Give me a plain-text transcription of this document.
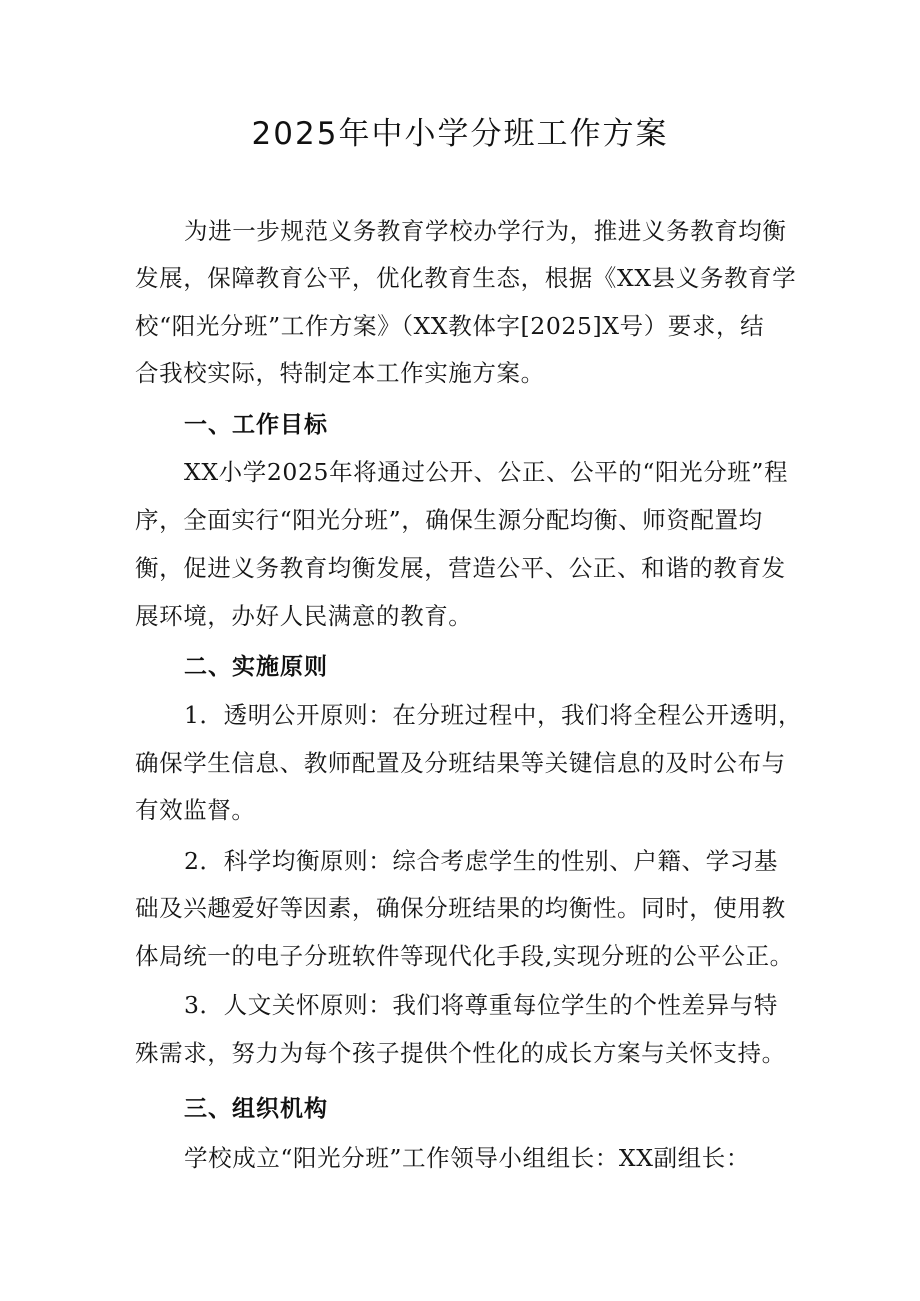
2025年中小学分班工作方案
为进一步规范义务教育学校办学行为，推进义务教育均衡
发展，保障教育公平，优化教育生态，根据《XX县义务教育学
校“阳光分班”工作方案》（XX教体字[2025]X号）要求，结
合我校实际，特制定本工作实施方案。
一、工作目标
XX小学2025年将通过公开、公正、公平的“阳光分班”程
序，全面实行“阳光分班”，确保生源分配均衡、师资配置均
衡，促进义务教育均衡发展，营造公平、公正、和谐的教育发
展环境，办好人民满意的教育。
二、实施原则
1．透明公开原则：在分班过程中，我们将全程公开透明，
确保学生信息、教师配置及分班结果等关键信息的及时公布与
有效监督。
2．科学均衡原则：综合考虑学生的性别、户籍、学习基
础及兴趣爱好等因素，确保分班结果的均衡性。同时，使用教
体局统一的电子分班软件等现代化手段,实现分班的公平公正。
3．人文关怀原则：我们将尊重每位学生的个性差异与特
殊需求，努力为每个孩子提供个性化的成长方案与关怀支持。
三、组织机构
学校成立“阳光分班”工作领导小组组长：XX副组长：
